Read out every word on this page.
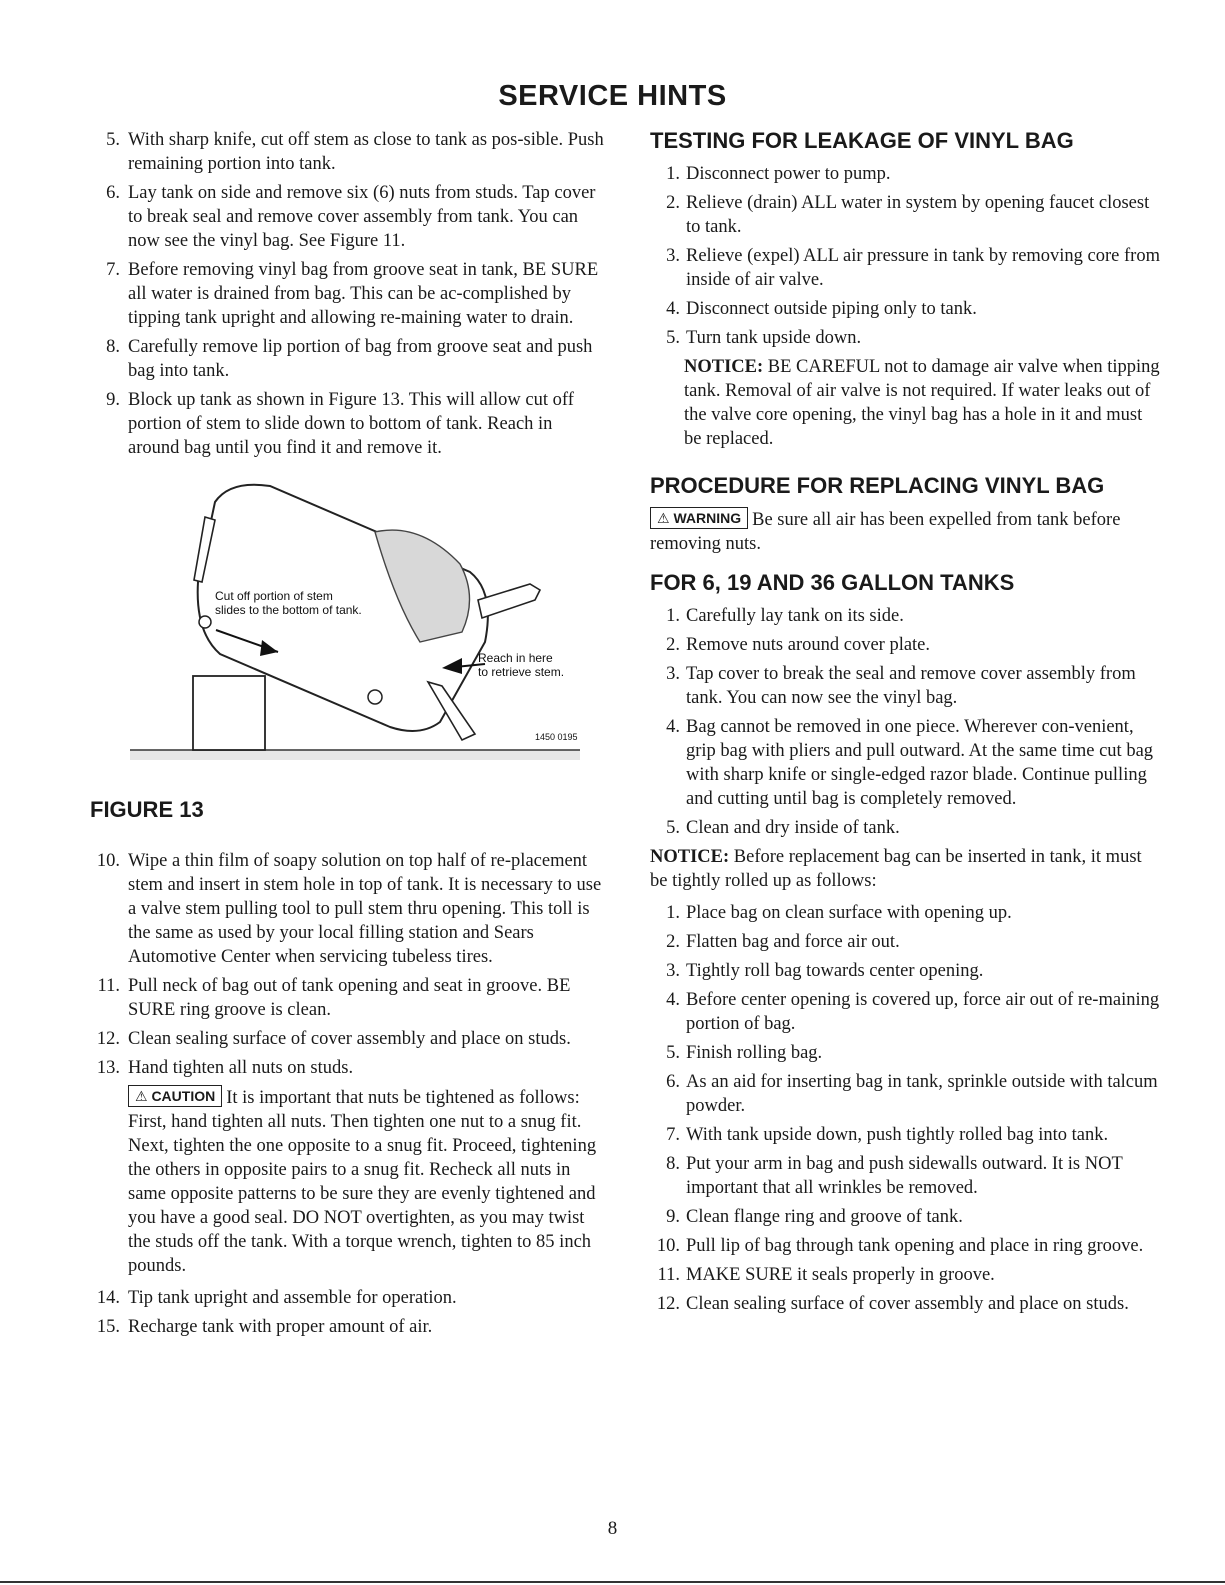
SERVICE HINTS
5. With sharp knife, cut off stem as close to tank as pos-sible. Push remaining portion into tank.
6. Lay tank on side and remove six (6) nuts from studs. Tap cover to break seal and remove cover assembly from tank. You can now see the vinyl bag. See Figure 11.
7. Before removing vinyl bag from groove seat in tank, BE SURE all water is drained from bag. This can be ac-complished by tipping tank upright and allowing re-maining water to drain.
8. Carefully remove lip portion of bag from groove seat and push bag into tank.
9. Block up tank as shown in Figure 13. This will allow cut off portion of stem to slide down to bottom of tank. Reach in around bag until you find it and remove it.
Cut off portion of stem
slides to the bottom of tank.
Reach in here
to retrieve stem.
1450 0195
FIGURE 13
10. Wipe a thin film of soapy solution on top half of re-placement stem and insert in stem hole in top of tank. It is necessary to use a valve stem pulling tool to pull stem thru opening. This toll is the same as used by your local filling station and Sears Automotive Center when servicing tubeless tires.
11. Pull neck of bag out of tank opening and seat in groove. BE SURE ring groove is clean.
12. Clean sealing surface of cover assembly and place on studs.
13. Hand tighten all nuts on studs.
⚠ CAUTION It is important that nuts be tightened as follows: First, hand tighten all nuts. Then tighten one nut to a snug fit. Next, tighten the one opposite to a snug fit. Proceed, tightening the others in opposite pairs to a snug fit. Recheck all nuts in same opposite patterns to be sure they are evenly tightened and you have a good seal. DO NOT overtighten, as you may twist the studs off the tank. With a torque wrench, tighten to 85 inch pounds.
14. Tip tank upright and assemble for operation.
15. Recharge tank with proper amount of air.
TESTING FOR LEAKAGE OF VINYL BAG
1. Disconnect power to pump.
2. Relieve (drain) ALL water in system by opening faucet closest to tank.
3. Relieve (expel) ALL air pressure in tank by removing core from inside of air valve.
4. Disconnect outside piping only to tank.
5. Turn tank upside down.

NOTICE: BE CAREFUL not to damage air valve when tipping tank. Removal of air valve is not required. If water leaks out of the valve core opening, the vinyl bag has a hole in it and must be replaced.

PROCEDURE FOR REPLACING VINYL BAG

⚠ WARNING Be sure all air has been expelled from tank before removing nuts.

FOR 6, 19 AND 36 GALLON TANKS
1. Carefully lay tank on its side.
2. Remove nuts around cover plate.
3. Tap cover to break the seal and remove cover assembly from tank. You can now see the vinyl bag.
4. Bag cannot be removed in one piece. Wherever con-venient, grip bag with pliers and pull outward. At the same time cut bag with sharp knife or single-edged razor blade. Continue pulling and cutting until bag is completely removed.
5. Clean and dry inside of tank.

NOTICE: Before replacement bag can be inserted in tank, it must be tightly rolled up as follows:

1. Place bag on clean surface with opening up.
2. Flatten bag and force air out.
3. Tightly roll bag towards center opening.
4. Before center opening is covered up, force air out of re-maining portion of bag.
5. Finish rolling bag.
6. As an aid for inserting bag in tank, sprinkle outside with talcum powder.
7. With tank upside down, push tightly rolled bag into tank.
8. Put your arm in bag and push sidewalls outward. It is NOT important that all wrinkles be removed.
9. Clean flange ring and groove of tank.
10. Pull lip of bag through tank opening and place in ring groove.
11. MAKE SURE it seals properly in groove.
12. Clean sealing surface of cover assembly and place on studs.
8
